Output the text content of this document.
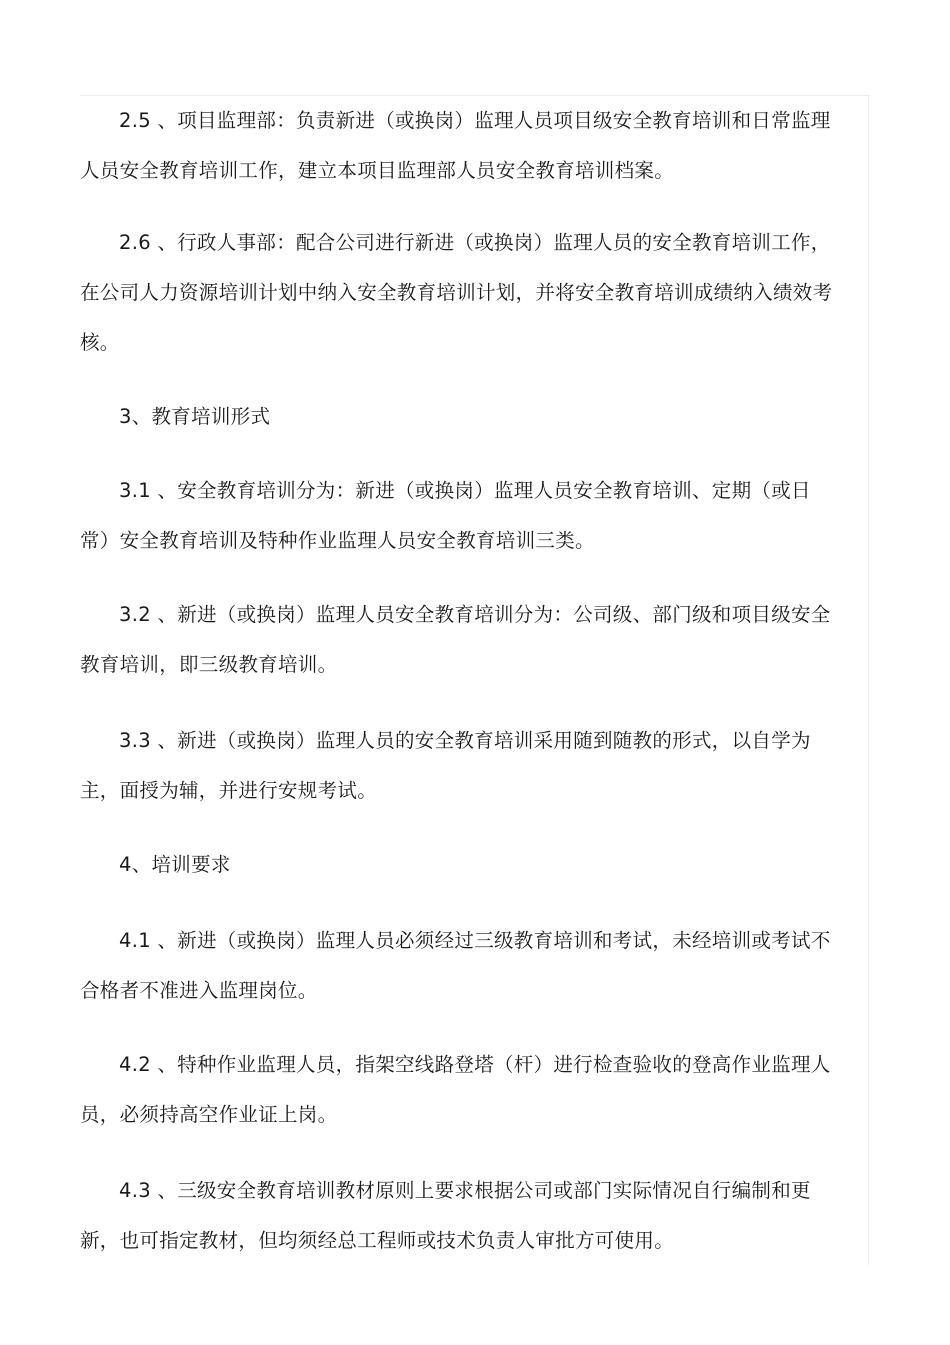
2.5 、项目监理部：负责新进（或换岗）监理人员项目级安全教育培训和日常监理人员安全教育培训工作，建立本项目监理部人员安全教育培训档案。

2.6 、行政人事部：配合公司进行新进（或换岗）监理人员的安全教育培训工作，在公司人力资源培训计划中纳入安全教育培训计划，并将安全教育培训成绩纳入绩效考核。

3、教育培训形式

3.1 、安全教育培训分为：新进（或换岗）监理人员安全教育培训、定期（或日常）安全教育培训及特种作业监理人员安全教育培训三类。

3.2 、新进（或换岗）监理人员安全教育培训分为：公司级、部门级和项目级安全教育培训，即三级教育培训。

3.3 、新进（或换岗）监理人员的安全教育培训采用随到随教的形式，以自学为主，面授为辅，并进行安规考试。

4、培训要求

4.1 、新进（或换岗）监理人员必须经过三级教育培训和考试，未经培训或考试不合格者不准进入监理岗位。

4.2 、特种作业监理人员，指架空线路登塔（杆）进行检查验收的登高作业监理人员，必须持高空作业证上岗。

4.3 、三级安全教育培训教材原则上要求根据公司或部门实际情况自行编制和更新，也可指定教材，但均须经总工程师或技术负责人审批方可使用。
